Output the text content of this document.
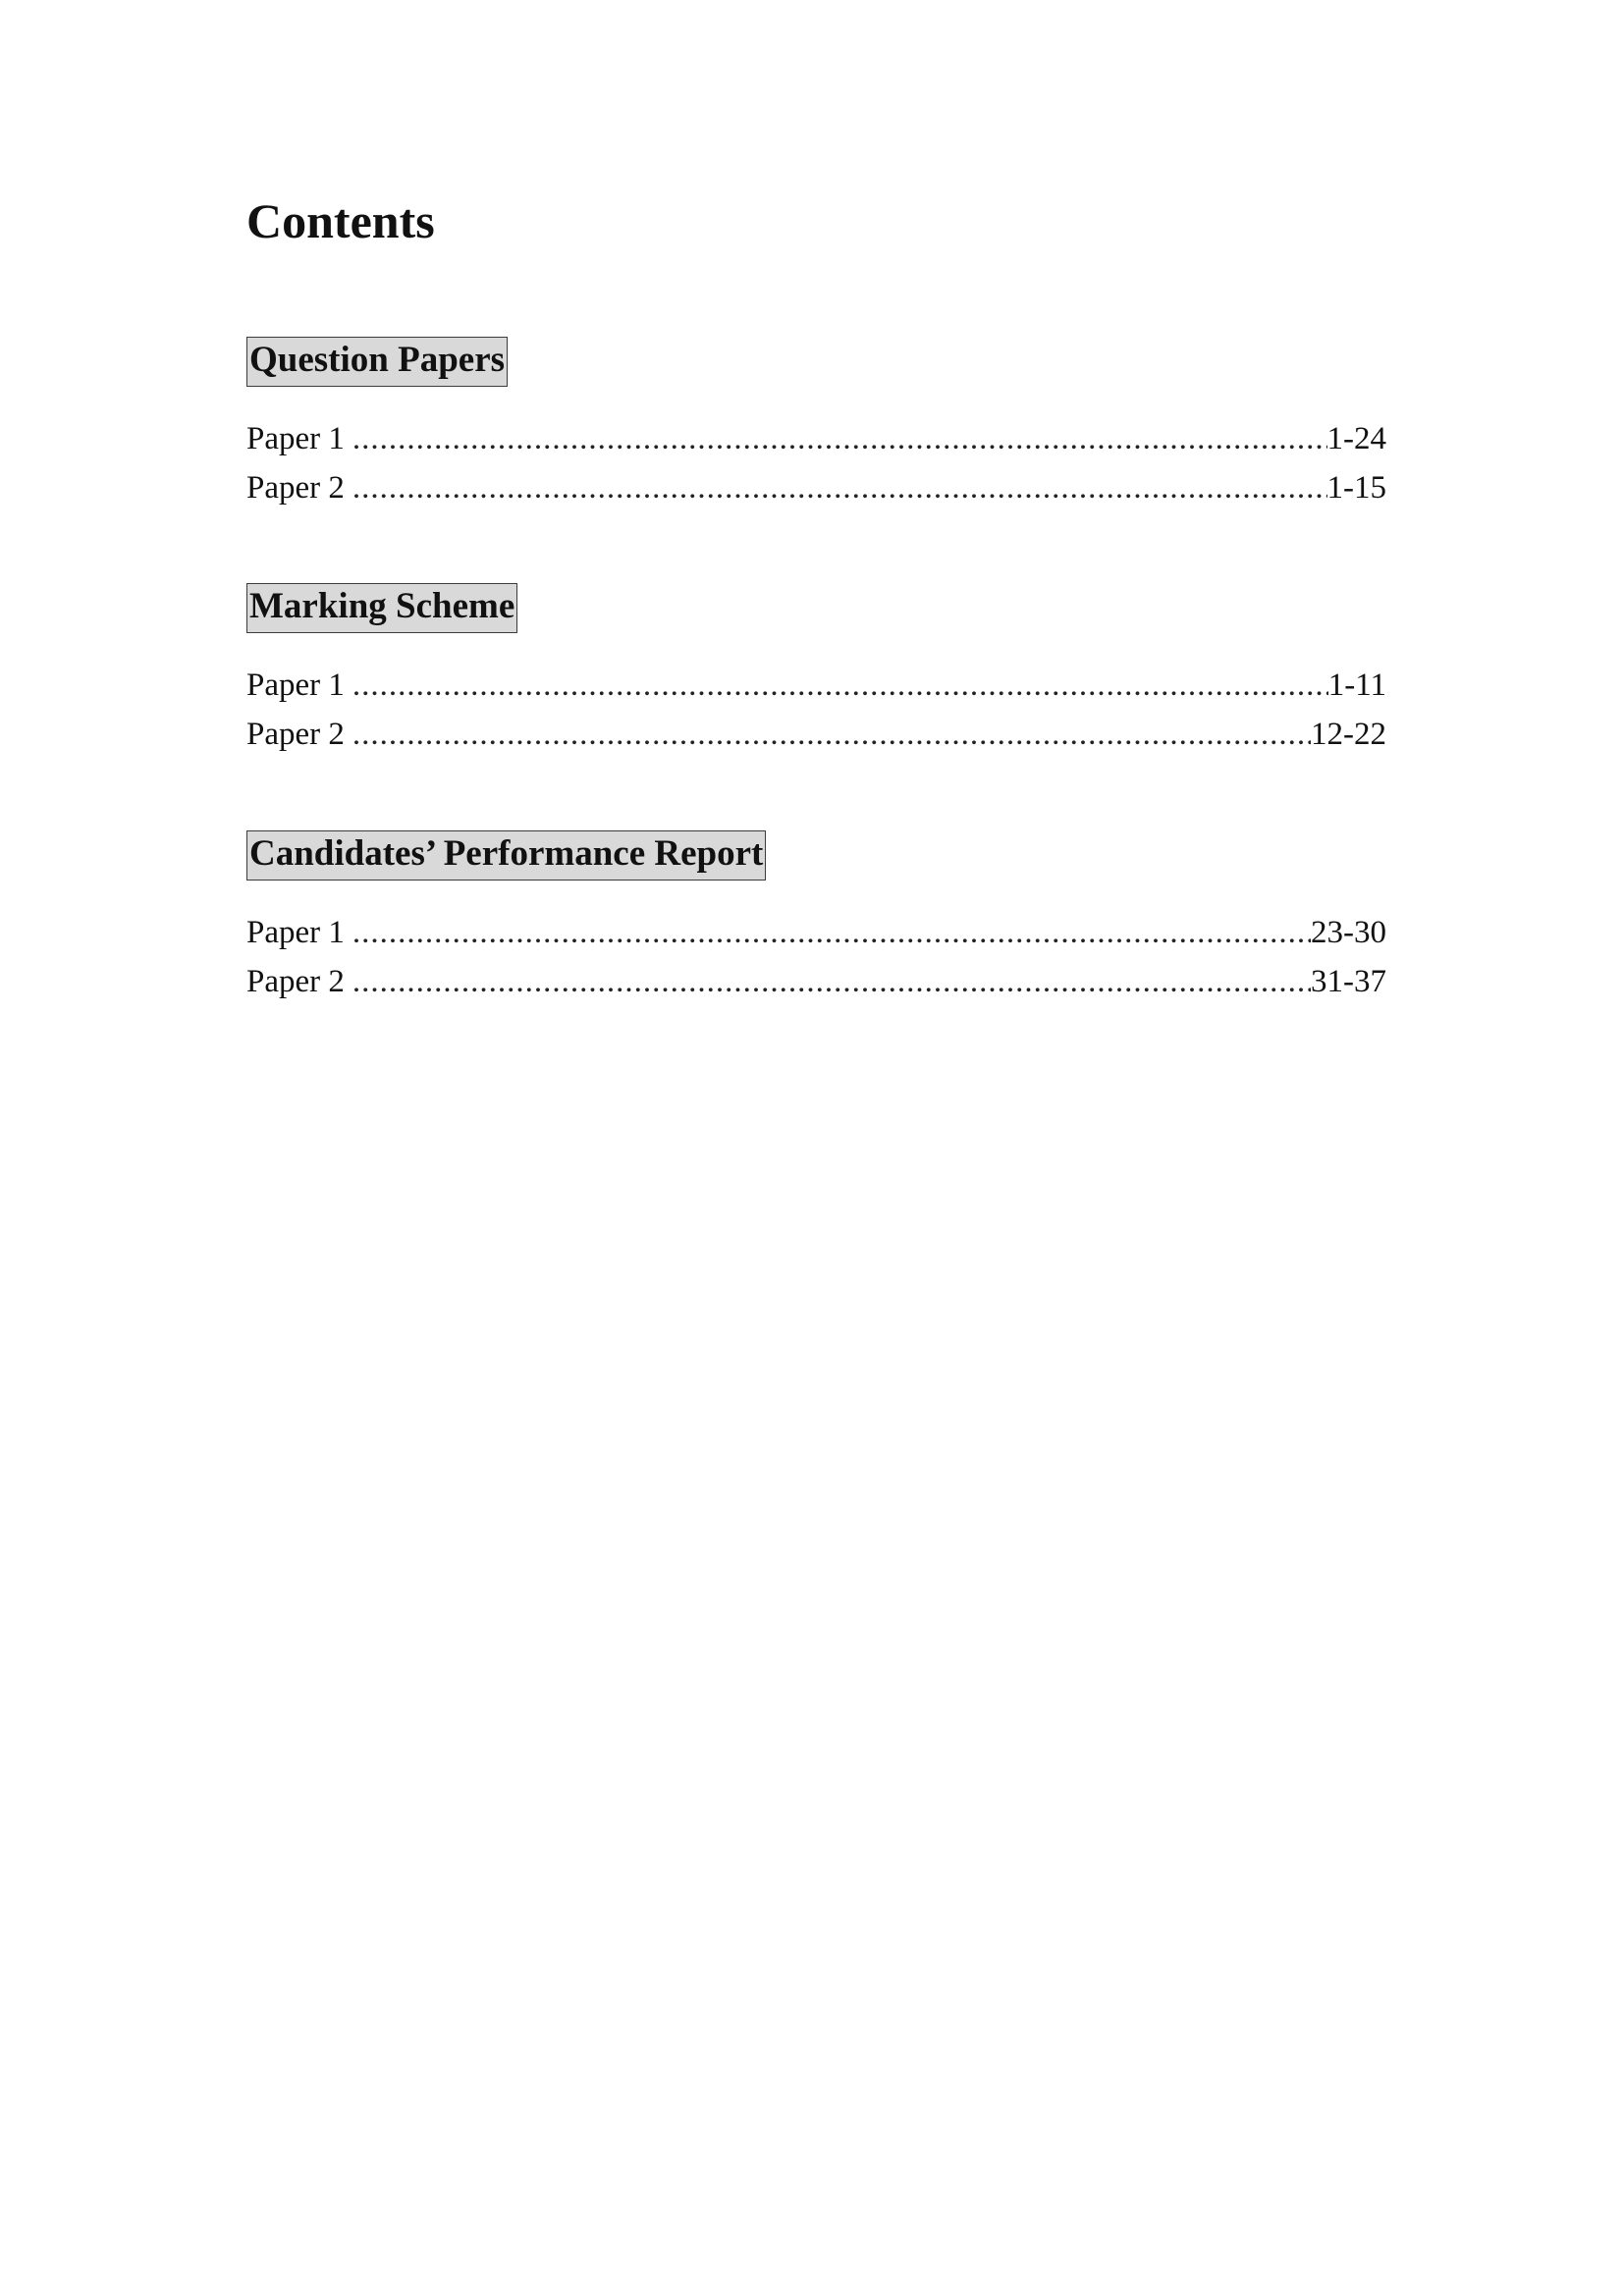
Contents
Question Papers
Paper 1 .....	1-24
Paper 2 .....	1-15
Marking Scheme
Paper 1 .....	1-11
Paper 2 .....	12-22
Candidates’ Performance Report
Paper 1 .....	23-30
Paper 2 .....	31-37
